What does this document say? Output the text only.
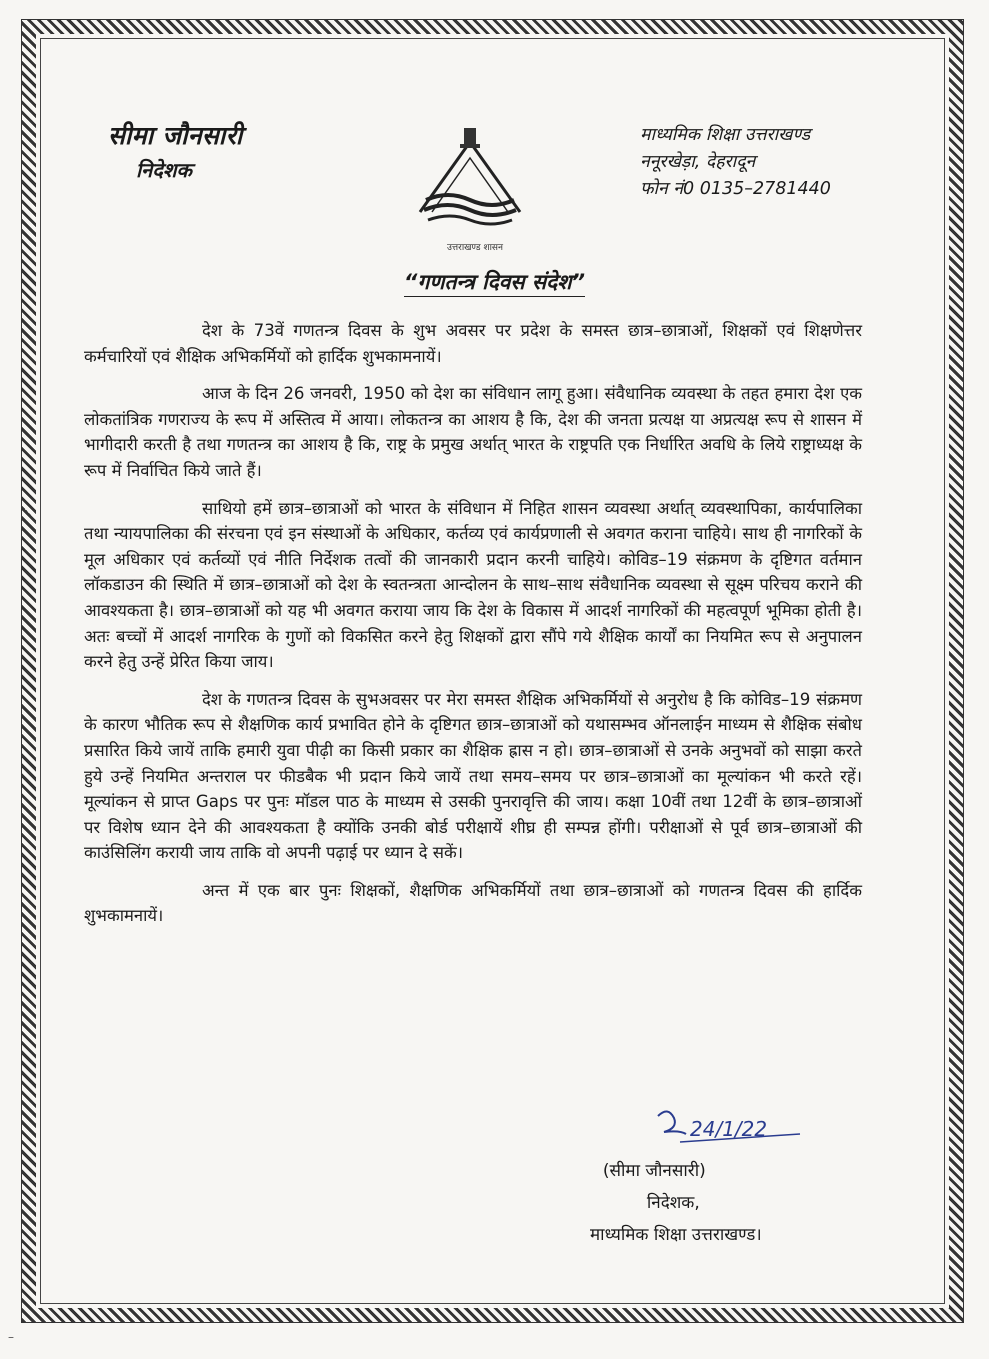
सीमा जौनसारी
निदेशक
उत्तराखण्ड शासन
माध्यमिक शिक्षा उत्तराखण्ड
ननूरखेड़ा, देहरादून
फोन नं0 0135–2781440
“गणतन्त्र दिवस संदेश”

देश के 73वें गणतन्त्र दिवस के शुभ अवसर पर प्रदेश के समस्त छात्र–छात्राओं, शिक्षकों एवं शिक्षणेत्तर कर्मचारियों एवं शैक्षिक अभिकर्मियों को हार्दिक शुभकामनायें।

आज के दिन 26 जनवरी, 1950 को देश का संविधान लागू हुआ। संवैधानिक व्यवस्था के तहत हमारा देश एक लोकतांत्रिक गणराज्य के रूप में अस्तित्व में आया। लोकतन्त्र का आशय है कि, देश की जनता प्रत्यक्ष या अप्रत्यक्ष रूप से शासन में भागीदारी करती है तथा गणतन्त्र का आशय है कि, राष्ट्र के प्रमुख अर्थात् भारत के राष्ट्रपति एक निर्धारित अवधि के लिये राष्ट्राध्यक्ष के रूप में निर्वाचित किये जाते हैं।

साथियो हमें छात्र–छात्राओं को भारत के संविधान में निहित शासन व्यवस्था अर्थात् व्यवस्थापिका, कार्यपालिका तथा न्यायपालिका की संरचना एवं इन संस्थाओं के अधिकार, कर्तव्य एवं कार्यप्रणाली से अवगत कराना चाहिये। साथ ही नागरिकों के मूल अधिकार एवं कर्तव्यों एवं नीति निर्देशक तत्वों की जानकारी प्रदान करनी चाहिये। कोविड–19 संक्रमण के दृष्टिगत वर्तमान लॉकडाउन की स्थिति में छात्र–छात्राओं को देश के स्वतन्त्रता आन्दोलन के साथ–साथ संवैधानिक व्यवस्था से सूक्ष्म परिचय कराने की आवश्यकता है। छात्र–छात्राओं को यह भी अवगत कराया जाय कि देश के विकास में आदर्श नागरिकों की महत्वपूर्ण भूमिका होती है। अतः बच्चों में आदर्श नागरिक के गुणों को विकसित करने हेतु शिक्षकों द्वारा सौंपे गये शैक्षिक कार्यों का नियमित रूप से अनुपालन करने हेतु उन्हें प्रेरित किया जाय।

देश के गणतन्त्र दिवस के सुभअवसर पर मेरा समस्त शैक्षिक अभिकर्मियों से अनुरोध है कि कोविड–19 संक्रमण के कारण भौतिक रूप से शैक्षणिक कार्य प्रभावित होने के दृष्टिगत छात्र–छात्राओं को यथासम्भव ऑनलाईन माध्यम से शैक्षिक संबोध प्रसारित किये जायें ताकि हमारी युवा पीढ़ी का किसी प्रकार का शैक्षिक ह्रास न हो। छात्र–छात्राओं से उनके अनुभवों को साझा करते हुये उन्हें नियमित अन्तराल पर फीडबैक भी प्रदान किये जायें तथा समय–समय पर छात्र–छात्राओं का मूल्यांकन भी करते रहें। मूल्यांकन से प्राप्त Gaps पर पुनः मॉडल पाठ के माध्यम से उसकी पुनरावृत्ति की जाय। कक्षा 10वीं तथा 12वीं के छात्र–छात्राओं पर विशेष ध्यान देने की आवश्यकता है क्योंकि उनकी बोर्ड परीक्षायें शीघ्र ही सम्पन्न होंगी। परीक्षाओं से पूर्व छात्र–छात्राओं की काउंसिलिंग करायी जाय ताकि वो अपनी पढ़ाई पर ध्यान दे सकें।

अन्त में एक बार पुनः शिक्षकों, शैक्षणिक अभिकर्मियों तथा छात्र–छात्राओं को गणतन्त्र दिवस की हार्दिक शुभकामनायें।

24/1/22
(सीमा जौनसारी)
निदेशक,
माध्यमिक शिक्षा उत्तराखण्ड।
–
